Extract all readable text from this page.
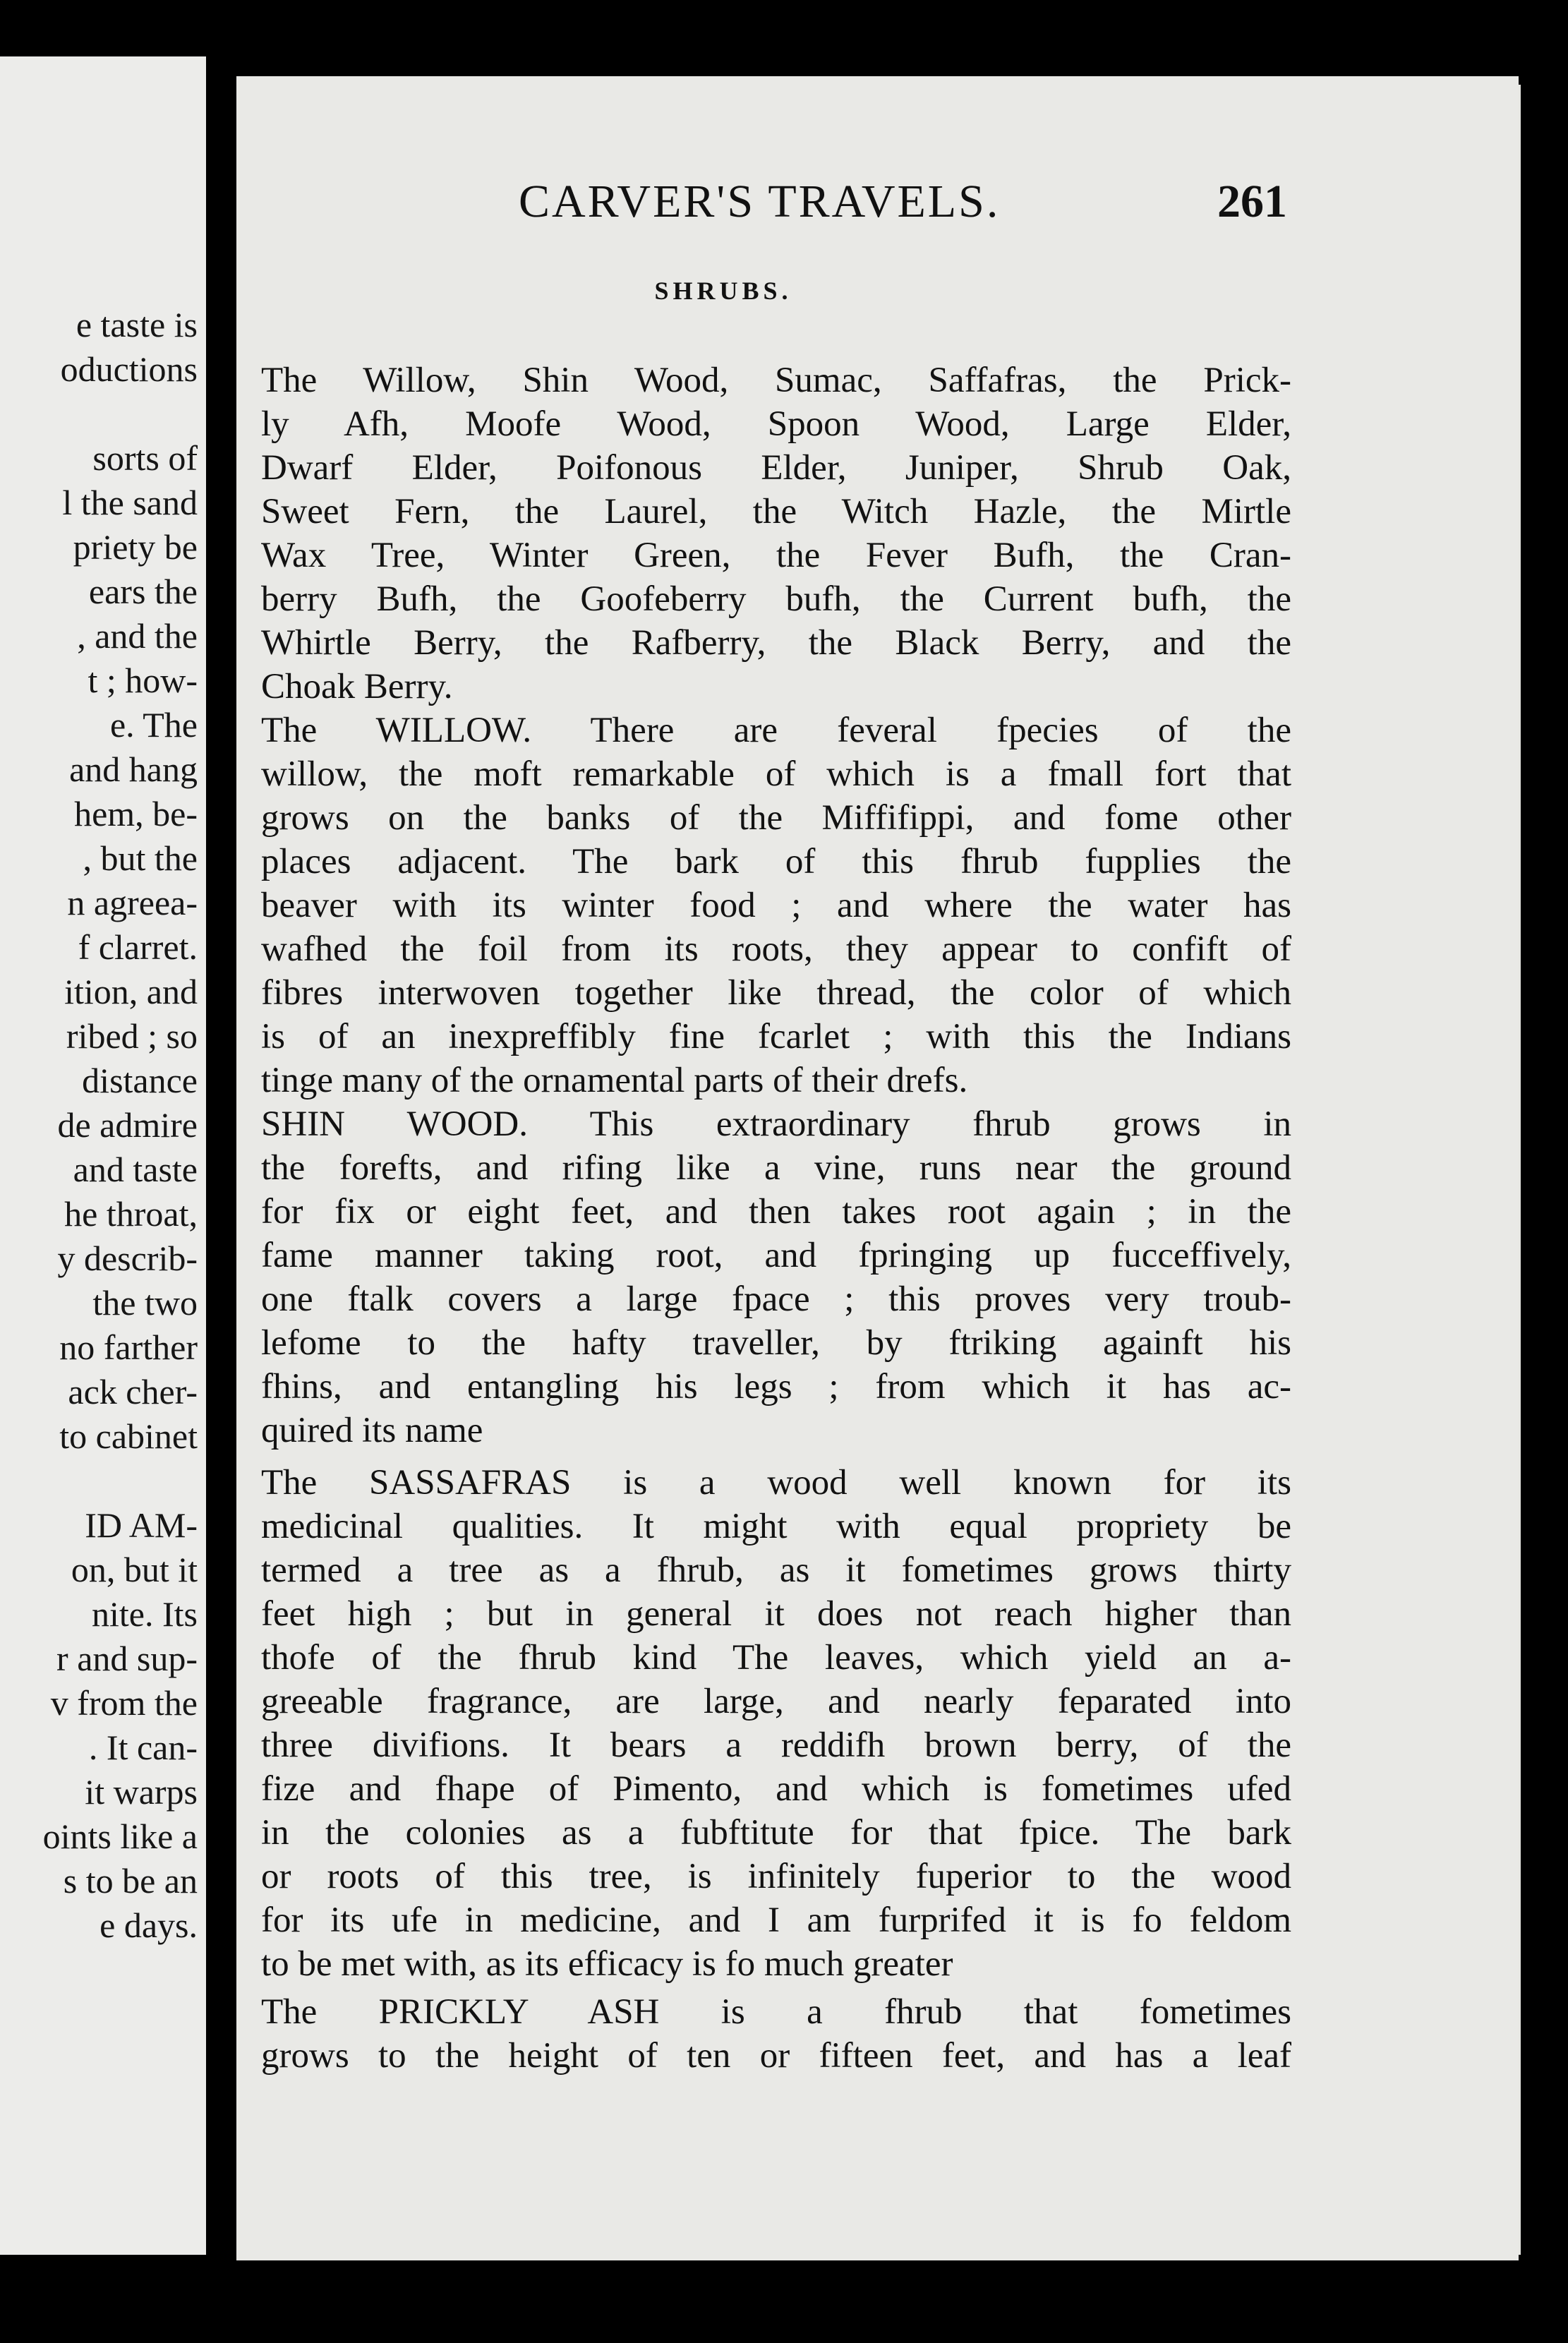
e taste is
oductions
sorts of
l the sand
priety be
ears the
, and the
t ; how-
e. The
and hang
hem, be-
, but the
n agreea-
f clarret.
ition, and
ribed ; so
distance
de admire
and taste
he throat,
y describ-
the two
no farther
ack cher-
to cabinet
ID AM-
on, but it
nite. Its
r and sup-
v from the
. It can-
it warps
oints like a
s to be an
e days.
CARVER'S TRAVELS.	261
SHRUBS.
The Willow, Shin Wood, Sumac, Saffafras, the Prick-
ly Afh, Moofe Wood, Spoon Wood, Large Elder,
Dwarf Elder, Poifonous Elder, Juniper, Shrub Oak,
Sweet Fern, the Laurel, the Witch Hazle, the Mirtle
Wax Tree, Winter Green, the Fever Bufh, the Cran-
berry Bufh, the Goofeberry bufh, the Current bufh, the
Whirtle Berry, the Rafberry, the Black Berry, and the
Choak Berry.
The WILLOW. There are feveral fpecies of the
willow, the moft remarkable of which is a fmall fort that
grows on the banks of the Miffifippi, and fome other
places adjacent. The bark of this fhrub fupplies the
beaver with its winter food ; and where the water has
wafhed the foil from its roots, they appear to confift of
fibres interwoven together like thread, the color of which
is of an inexpreffibly fine fcarlet ; with this the Indians
tinge many of the ornamental parts of their drefs.
SHIN WOOD. This extraordinary fhrub grows in
the forefts, and rifing like a vine, runs near the ground
for fix or eight feet, and then takes root again ; in the
fame manner taking root, and fpringing up fucceffively,
one ftalk covers a large fpace ; this proves very troub-
lefome to the hafty traveller, by ftriking againft his
fhins, and entangling his legs ; from which it has ac-
quired its name
The SASSAFRAS is a wood well known for its
medicinal qualities. It might with equal propriety be
termed a tree as a fhrub, as it fometimes grows thirty
feet high ; but in general it does not reach higher than
thofe of the fhrub kind The leaves, which yield an a-
greeable fragrance, are large, and nearly feparated into
three divifions. It bears a reddifh brown berry, of the
fize and fhape of Pimento, and which is fometimes ufed
in the colonies as a fubftitute for that fpice. The bark
or roots of this tree, is infinitely fuperior to the wood
for its ufe in medicine, and I am furprifed it is fo feldom
to be met with, as its efficacy is fo much greater
The PRICKLY ASH is a fhrub that fometimes
grows to the height of ten or fifteen feet, and has a leaf
